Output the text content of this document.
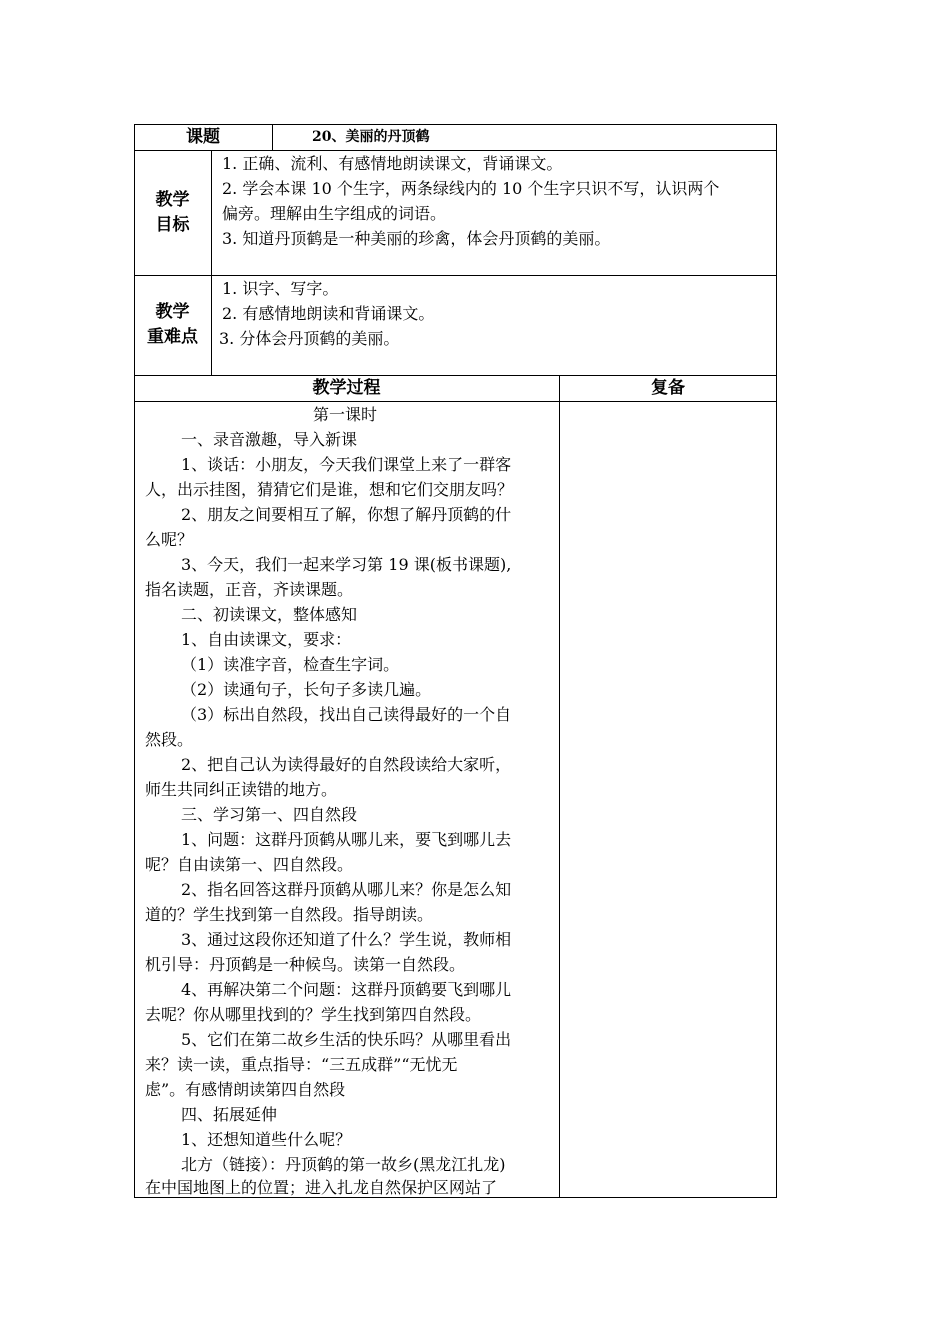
课题	20、美丽的丹顶鹤
教学
目标
1. 正确、流利、有感情地朗读课文，背诵课文。
2. 学会本课 10 个生字，两条绿线内的 10 个生字只识不写，认识两个
偏旁。理解由生字组成的词语。
3. 知道丹顶鹤是一种美丽的珍禽，体会丹顶鹤的美丽。
教学
重难点
1. 识字、写字。
2. 有感情地朗读和背诵课文。
3. 分体会丹顶鹤的美丽。
教学过程	复备
第一课时
一、录音激趣，导入新课
1、谈话：小朋友，今天我们课堂上来了一群客
人，出示挂图，猜猜它们是谁，想和它们交朋友吗？
2、朋友之间要相互了解，你想了解丹顶鹤的什
么呢？
3、今天，我们一起来学习第 19 课(板书课题),
指名读题，正音，齐读课题。
二、初读课文，整体感知
1、自由读课文，要求：
（1）读准字音，检查生字词。
（2）读通句子，长句子多读几遍。
（3）标出自然段，找出自己读得最好的一个自
然段。
2、把自己认为读得最好的自然段读给大家听，
师生共同纠正读错的地方。
三、学习第一、四自然段
1、问题：这群丹顶鹤从哪儿来，要飞到哪儿去
呢？自由读第一、四自然段。
2、指名回答这群丹顶鹤从哪儿来？你是怎么知
道的？学生找到第一自然段。指导朗读。
3、通过这段你还知道了什么？学生说，教师相
机引导：丹顶鹤是一种候鸟。读第一自然段。
4、再解决第二个问题：这群丹顶鹤要飞到哪儿
去呢？你从哪里找到的？学生找到第四自然段。
5、它们在第二故乡生活的快乐吗？从哪里看出
来？读一读，重点指导：“三五成群”“无忧无
虑”。有感情朗读第四自然段
四、拓展延伸
1、还想知道些什么呢？
北方（链接）：丹顶鹤的第一故乡(黑龙江扎龙)
在中国地图上的位置；进入扎龙自然保护区网站了
